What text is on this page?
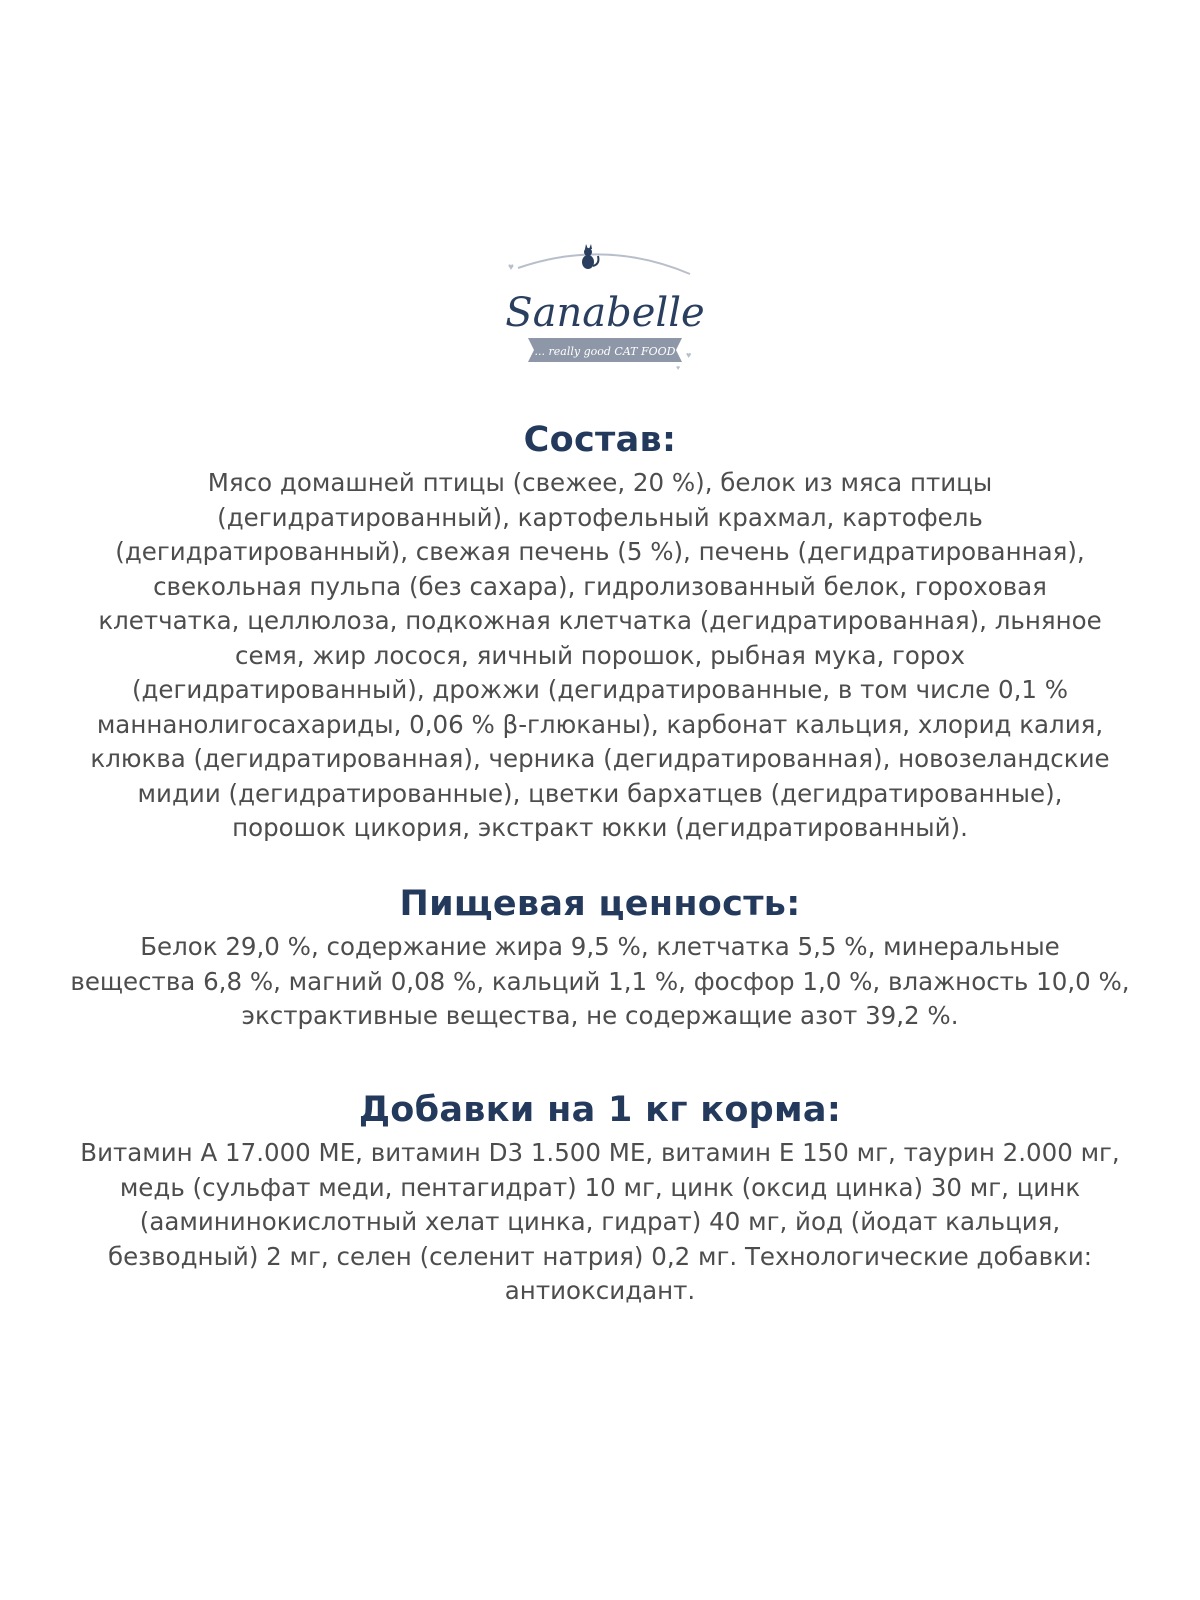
♥
♥
♥
Sanabelle
... really good CAT FOOD
Состав:

Мясо домашней птицы (свежее, 20 %), белок из мяса птицы
(дегидратированный), картофельный крахмал, картофель
(дегидратированный), свежая печень (5 %), печень (дегидратированная),
свекольная пульпа (без сахара), гидролизованный белок, гороховая
клетчатка, целлюлоза, подкожная клетчатка (дегидратированная), льняное
семя, жир лосося, яичный порошок, рыбная мука, горох
(дегидратированный), дрожжи (дегидратированные, в том числе 0,1 %
маннанолигосахариды, 0,06 % β-глюканы), карбонат кальция, хлорид калия,
клюква (дегидратированная), черника (дегидратированная), новозеландские
мидии (дегидратированные), цветки бархатцев (дегидратированные),
порошок цикория, экстракт юкки (дегидратированный).

Пищевая ценность:

Белок 29,0 %, содержание жира 9,5 %, клетчатка 5,5 %, минеральные
вещества 6,8 %, магний 0,08 %, кальций 1,1 %, фосфор 1,0 %, влажность 10,0 %,
экстрактивные вещества, не содержащие азот 39,2 %.

Добавки на 1 кг корма:

Витамин А 17.000 МЕ, витамин D3 1.500 МЕ, витамин Е 150 мг, таурин 2.000 мг,
медь (сульфат меди, пентагидрат) 10 мг, цинк (оксид цинка) 30 мг, цинк
(аамининокислотный хелат цинка, гидрат) 40 мг, йод (йодат кальция,
безводный) 2 мг, селен (селенит натрия) 0,2 мг. Технологические добавки:
антиоксидант.
